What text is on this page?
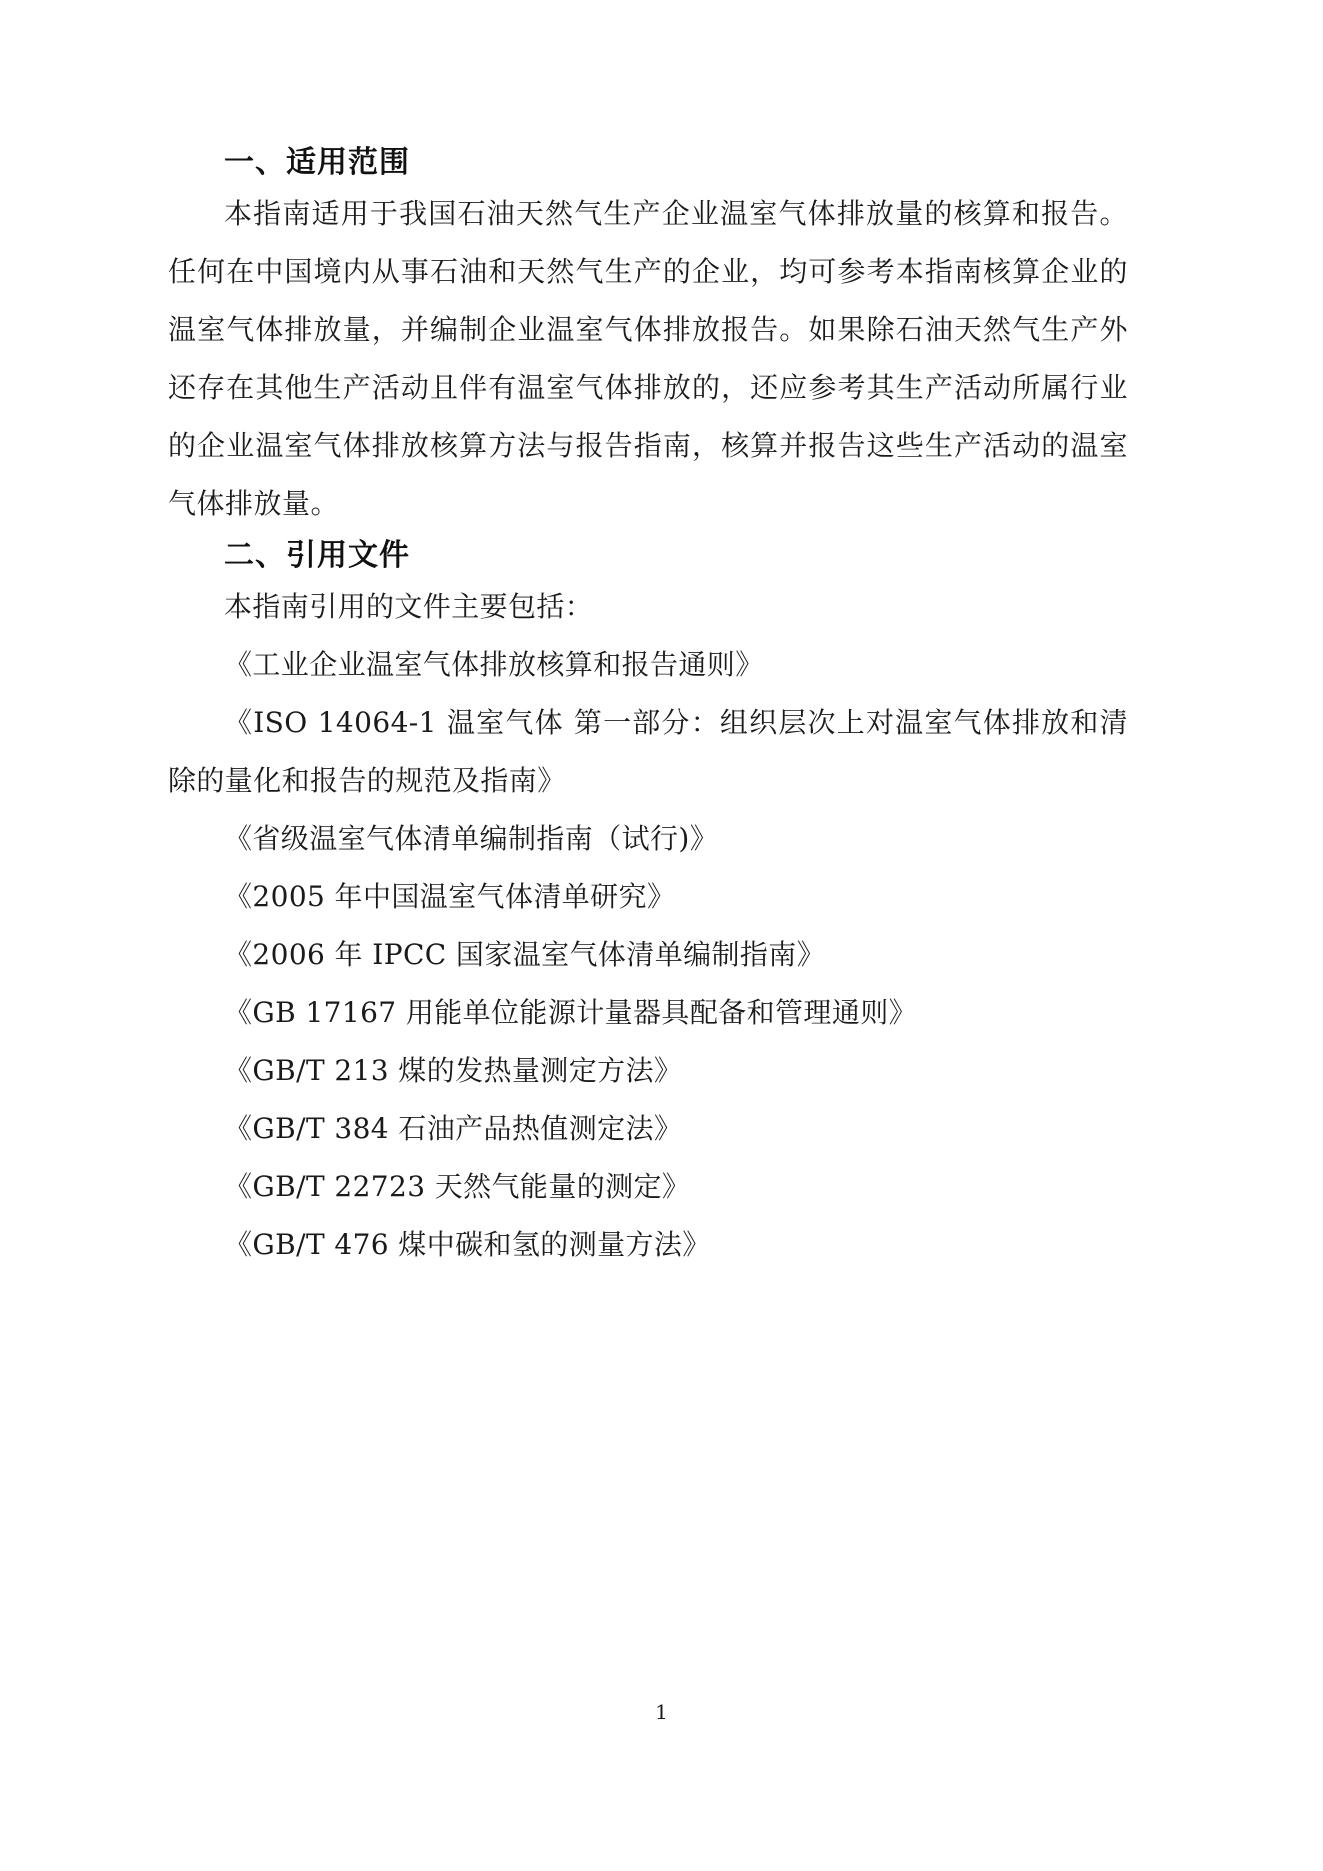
一、适用范围

本指南适用于我国石油天然气生产企业温室气体排放量的核算和报告。任何在中国境内从事石油和天然气生产的企业，均可参考本指南核算企业的温室气体排放量，并编制企业温室气体排放报告。如果除石油天然气生产外还存在其他生产活动且伴有温室气体排放的，还应参考其生产活动所属行业的企业温室气体排放核算方法与报告指南，核算并报告这些生产活动的温室气体排放量。

二、引用文件

本指南引用的文件主要包括：

《工业企业温室气体排放核算和报告通则》

《ISO 14064-1 温室气体 第一部分：组织层次上对温室气体排放和清除的量化和报告的规范及指南》

《省级温室气体清单编制指南（试行)》

《2005 年中国温室气体清单研究》

《2006 年 IPCC 国家温室气体清单编制指南》

《GB 17167 用能单位能源计量器具配备和管理通则》

《GB/T 213 煤的发热量测定方法》

《GB/T 384 石油产品热值测定法》

《GB/T 22723 天然气能量的测定》

《GB/T 476 煤中碳和氢的测量方法》

1
